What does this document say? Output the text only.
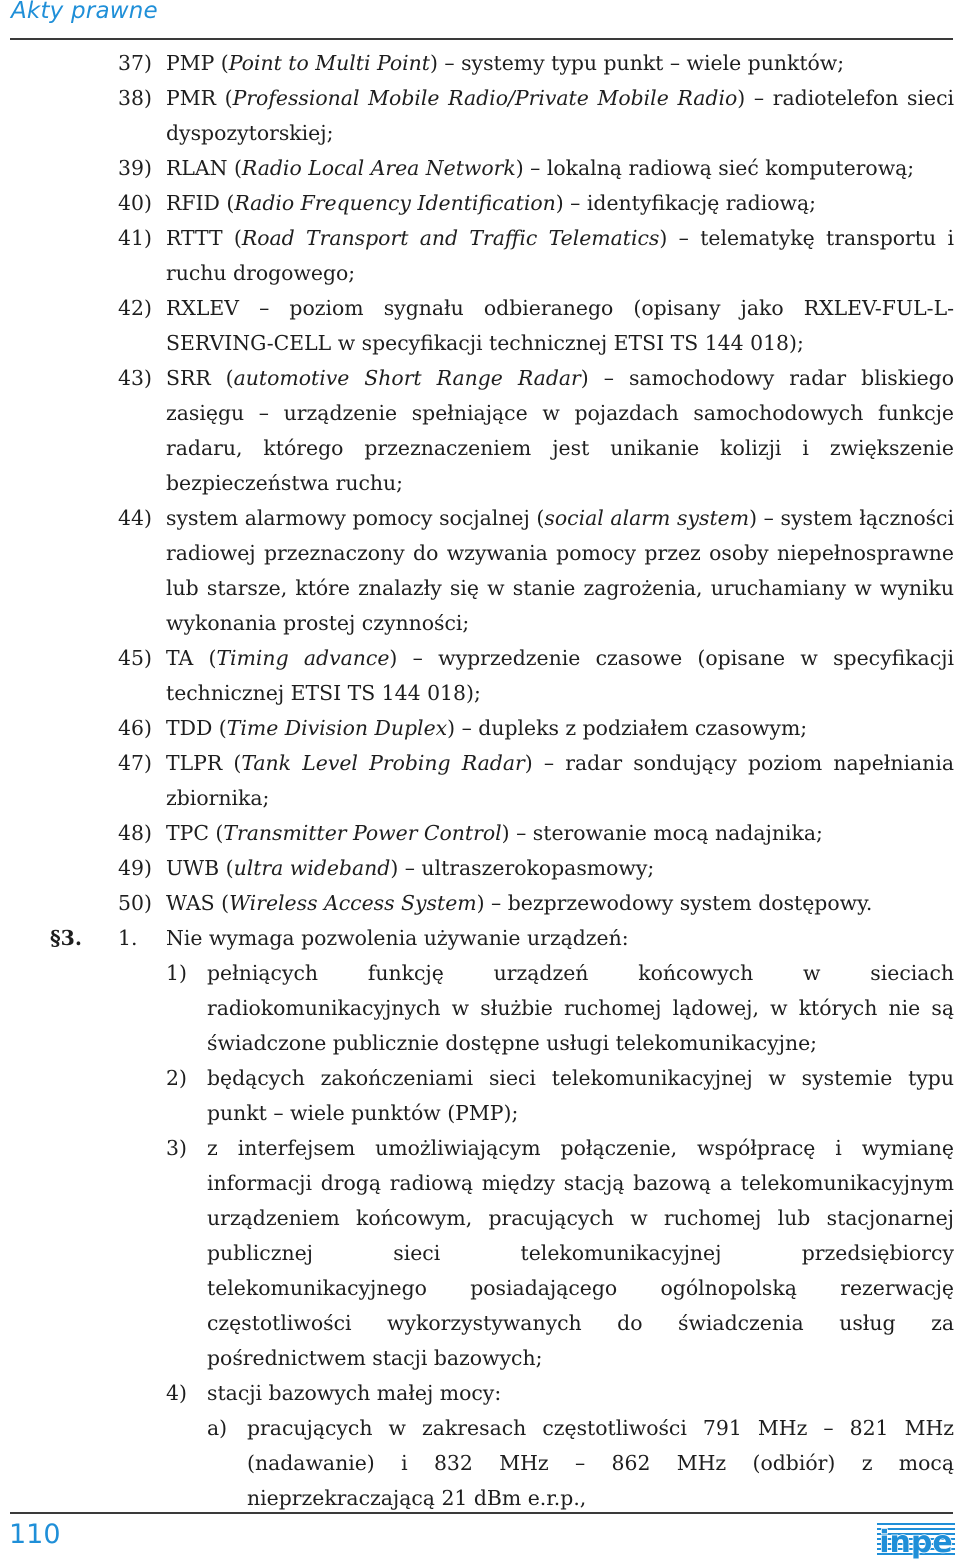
Akty prawne
37) PMP (Point to Multi Point) – systemy typu punkt – wiele punktów;
38) PMR (Professional Mobile Radio/Private Mobile Radio) – radiotelefon sieci dyspozytorskiej;
39) RLAN (Radio Local Area Network) – lokalną radiową sieć komputerową;
40) RFID (Radio Frequency Identification) – identyfikację radiową;
41) RTTT (Road Transport and Traffic Telematics) – telematykę transportu i ruchu drogowego;
42) RXLEV – poziom sygnału odbieranego (opisany jako RXLEV-FUL-L-SERVING-CELL w specyfikacji technicznej ETSI TS 144 018);
43) SRR (automotive Short Range Radar) – samochodowy radar bliskiego zasięgu – urządzenie spełniające w pojazdach samochodowych funkcje radaru, którego przeznaczeniem jest unikanie kolizji i zwiększenie bezpieczeństwa ruchu;
44) system alarmowy pomocy socjalnej (social alarm system) – system łączności radiowej przeznaczony do wzywania pomocy przez osoby niepełnosprawne lub starsze, które znalazły się w stanie zagrożenia, uruchamiany w wyniku wykonania prostej czynności;
45) TA (Timing advance) – wyprzedzenie czasowe (opisane w specyfikacji technicznej ETSI TS 144 018);
46) TDD (Time Division Duplex) – dupleks z podziałem czasowym;
47) TLPR (Tank Level Probing Radar) – radar sondujący poziom napełniania zbiornika;
48) TPC (Transmitter Power Control) – sterowanie mocą nadajnika;
49) UWB (ultra wideband) – ultraszerokopasmowy;
50) WAS (Wireless Access System) – bezprzewodowy system dostępowy.
§3. 1. Nie wymaga pozwolenia używanie urządzeń:
1) pełniących funkcję urządzeń końcowych w sieciach radiokomunikacyjnych w służbie ruchomej lądowej, w których nie są świadczone publicznie dostępne usługi telekomunikacyjne;
2) będących zakończeniami sieci telekomunikacyjnej w systemie typu punkt – wiele punktów (PMP);
3) z interfejsem umożliwiającym połączenie, współpracę i wymianę informacji drogą radiową między stacją bazową a telekomunikacyjnym urządzeniem końcowym, pracujących w ruchomej lub stacjonarnej publicznej sieci telekomunikacyjnej przedsiębiorcy telekomunikacyjnego posiadającego ogólnopolską rezerwację częstotliwości wykorzystywanych do świadczenia usług za pośrednictwem stacji bazowych;
4) stacji bazowych małej mocy:
a) pracujących w zakresach częstotliwości 791 MHz – 821 MHz (nadawanie) i 832 MHz – 862 MHz (odbiór) z mocą nieprzekraczającą 21 dBm e.r.p.,
110	inpe
